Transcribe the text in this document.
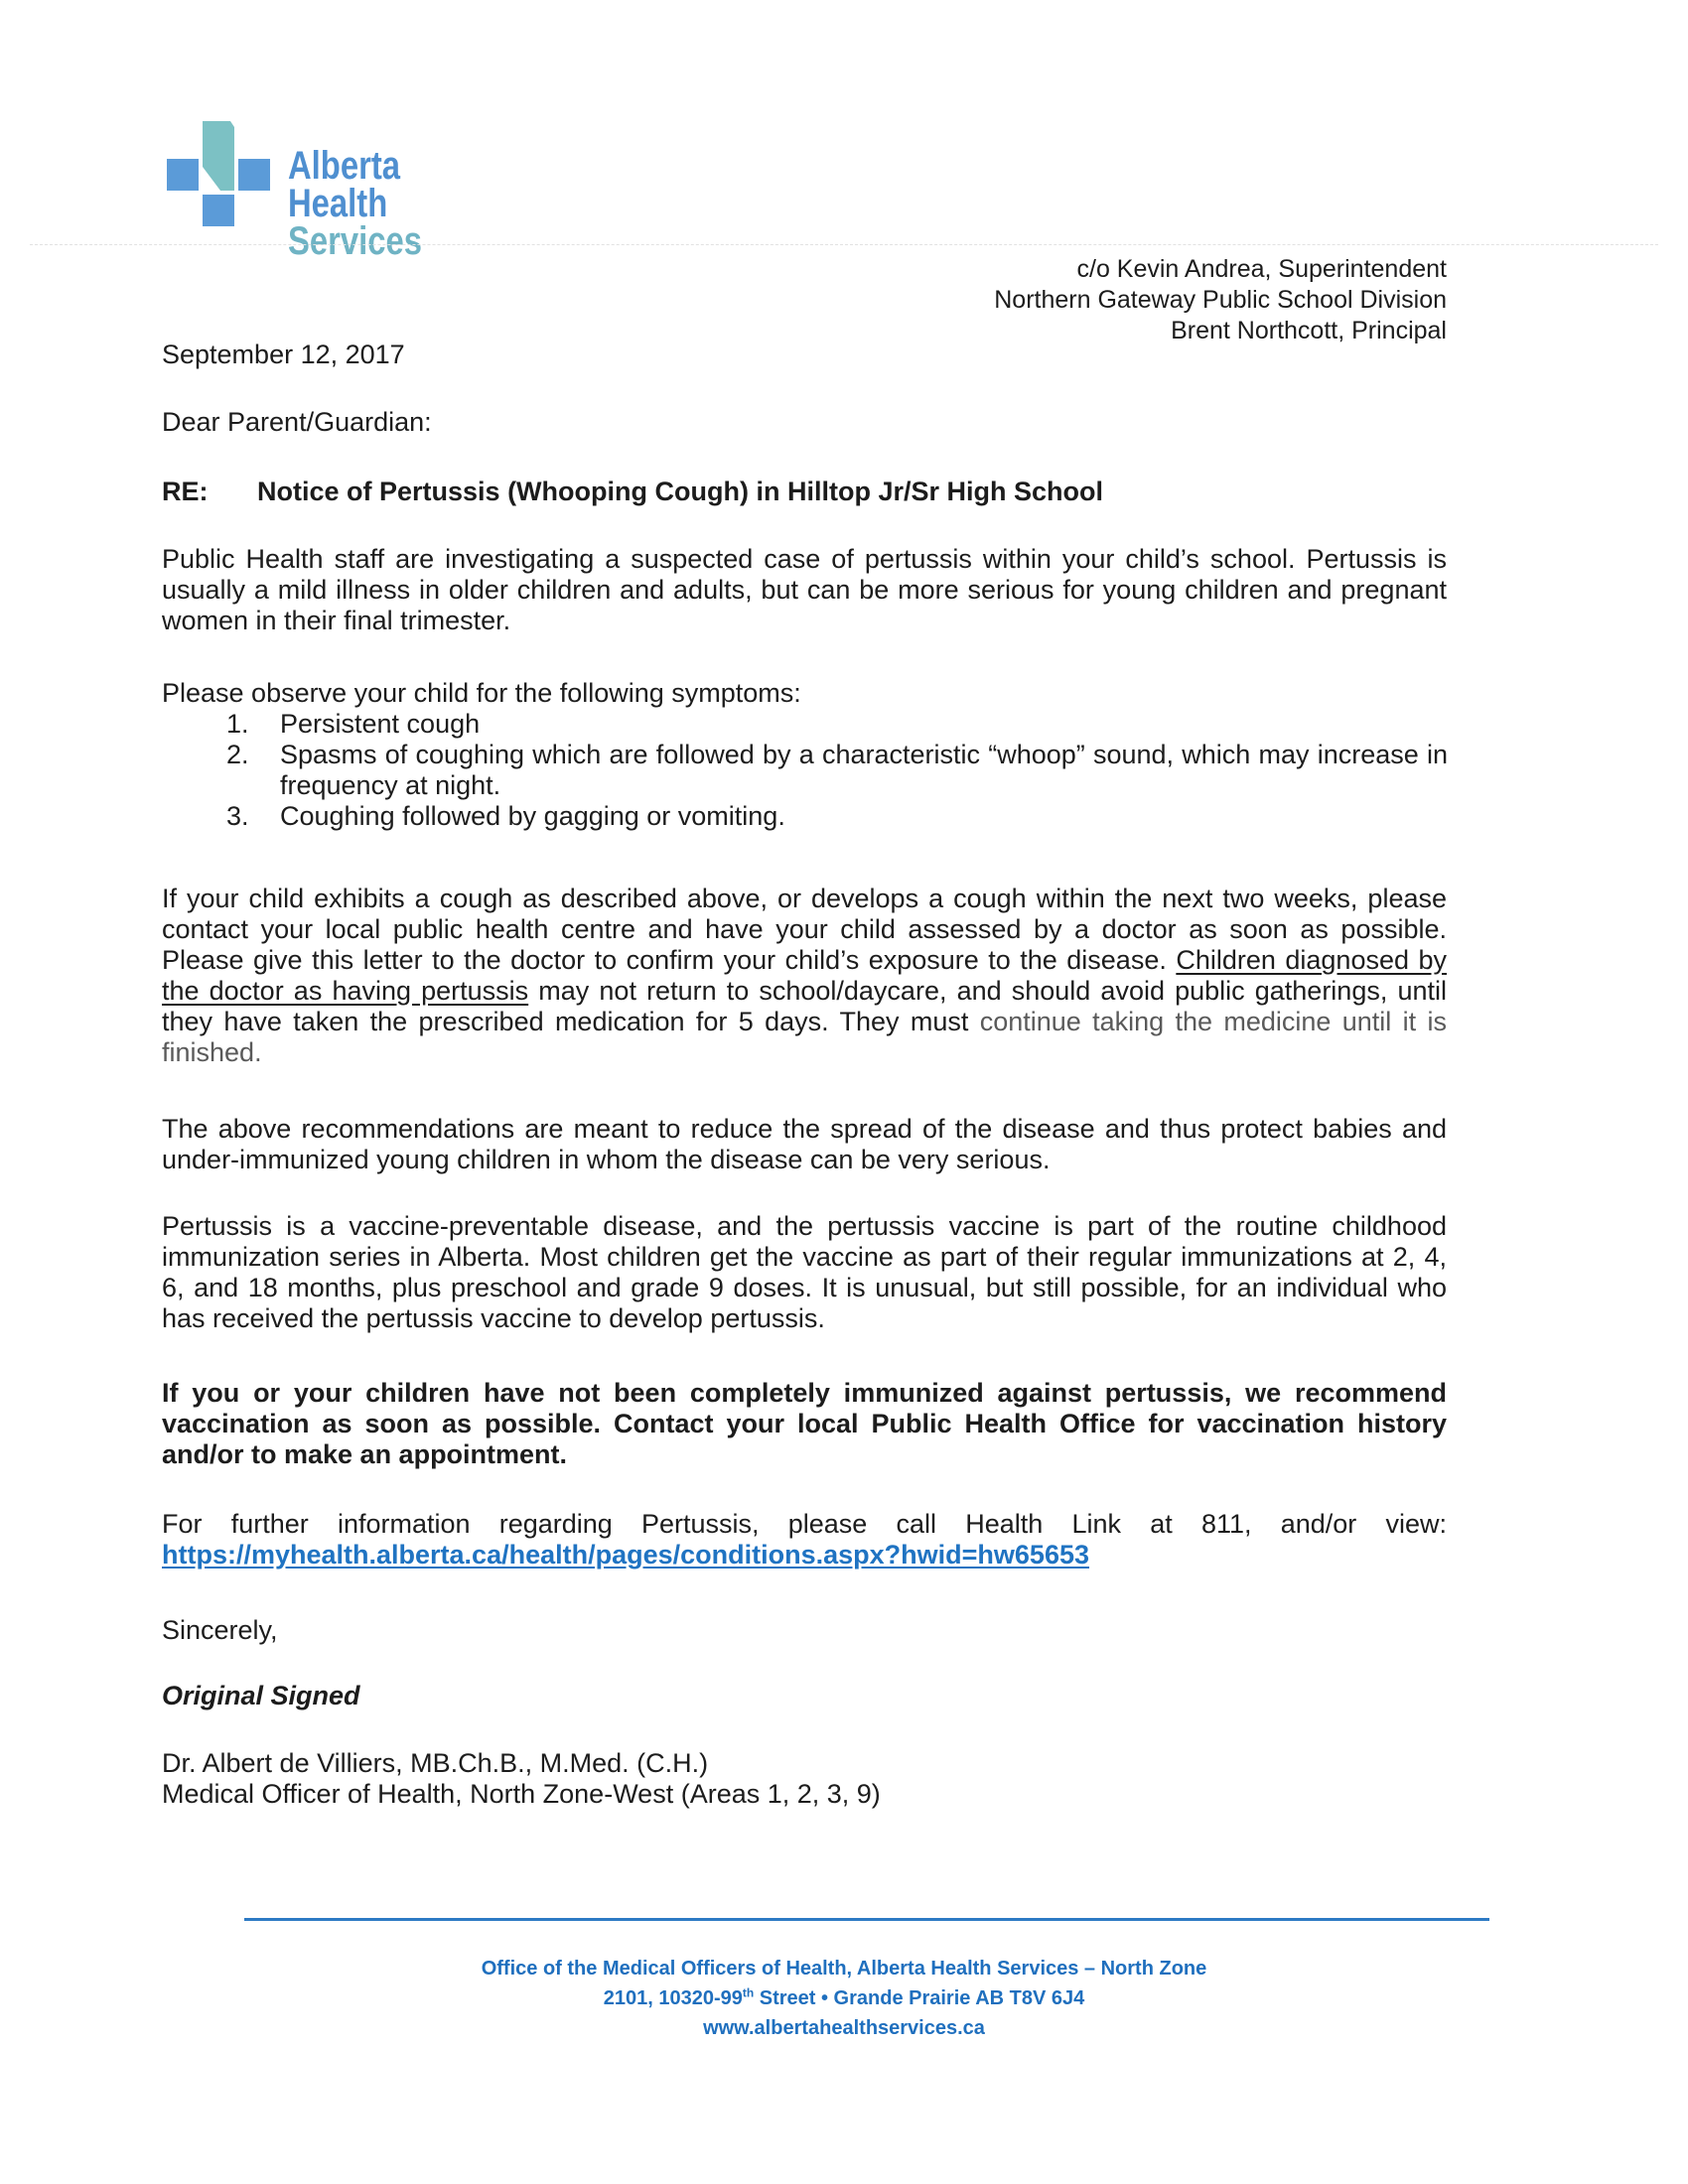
Alberta Health
Services
c/o Kevin Andrea, Superintendent
Northern Gateway Public School Division
Brent Northcott, Principal
September 12, 2017
Dear Parent/Guardian:
RE: Notice of Pertussis (Whooping Cough) in Hilltop Jr/Sr High School
Public Health staff are investigating a suspected case of pertussis within your child’s school. Pertussis is usually a mild illness in older children and adults, but can be more serious for young children and pregnant women in their final trimester.
Please observe your child for the following symptoms:
1. Persistent cough
2. Spasms of coughing which are followed by a characteristic “whoop” sound, which may increase in frequency at night.
3. Coughing followed by gagging or vomiting.
If your child exhibits a cough as described above, or develops a cough within the next two weeks, please contact your local public health centre and have your child assessed by a doctor as soon as possible. Please give this letter to the doctor to confirm your child’s exposure to the disease. Children diagnosed by the doctor as having pertussis may not return to school/daycare, and should avoid public gatherings, until they have taken the prescribed medication for 5 days. They must continue taking the medicine until it is finished.
The above recommendations are meant to reduce the spread of the disease and thus protect babies and under-immunized young children in whom the disease can be very serious.
Pertussis is a vaccine-preventable disease, and the pertussis vaccine is part of the routine childhood immunization series in Alberta. Most children get the vaccine as part of their regular immunizations at 2, 4, 6, and 18 months, plus preschool and grade 9 doses. It is unusual, but still possible, for an individual who has received the pertussis vaccine to develop pertussis.
If you or your children have not been completely immunized against pertussis, we recommend vaccination as soon as possible. Contact your local Public Health Office for vaccination history and/or to make an appointment.
For further information regarding Pertussis, please call Health Link at 811, and/or view: https://myhealth.alberta.ca/health/pages/conditions.aspx?hwid=hw65653
Sincerely,
Original Signed
Dr. Albert de Villiers, MB.Ch.B., M.Med. (C.H.)
Medical Officer of Health, North Zone-West (Areas 1, 2, 3, 9)
Office of the Medical Officers of Health, Alberta Health Services – North Zone
2101, 10320-99th Street • Grande Prairie AB T8V 6J4
www.albertahealthservices.ca
